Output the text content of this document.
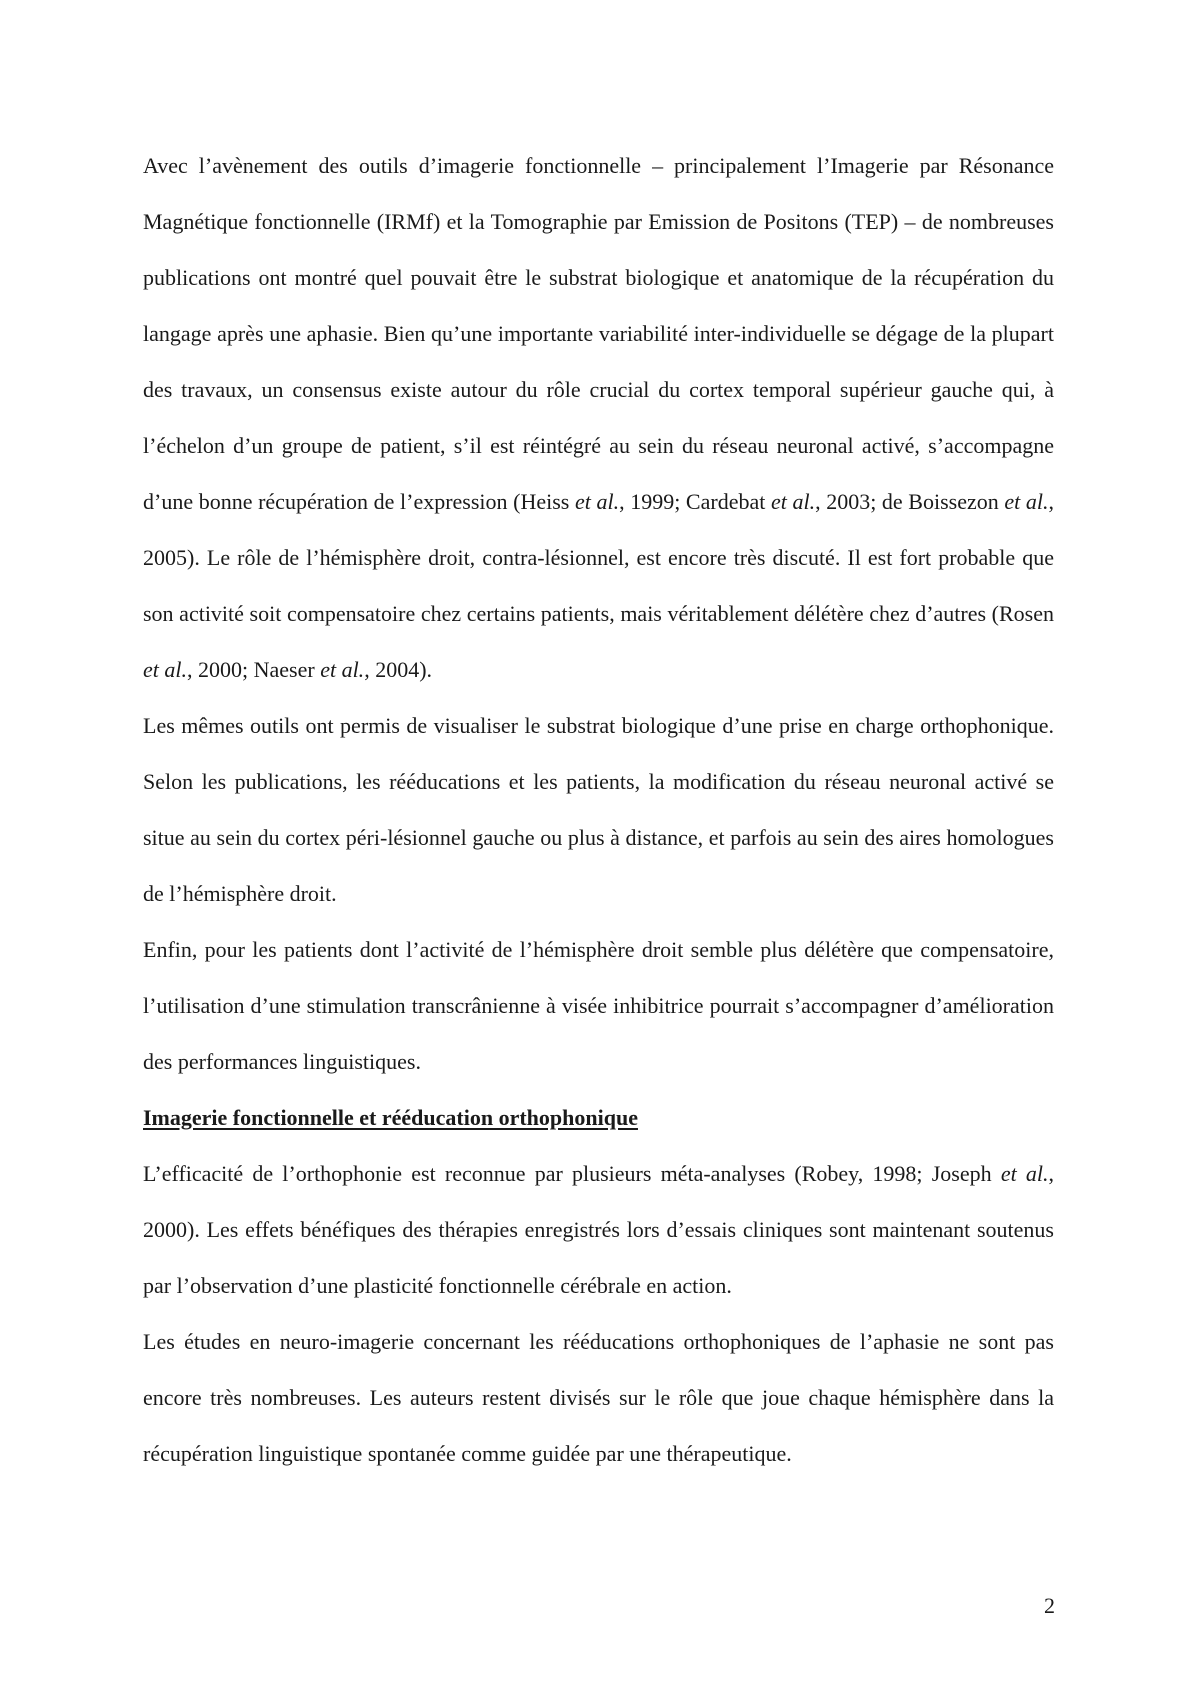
Avec l’avènement des outils d’imagerie fonctionnelle – principalement l’Imagerie par Résonance Magnétique fonctionnelle (IRMf) et la Tomographie par Emission de Positons (TEP) – de nombreuses publications ont montré quel pouvait être le substrat biologique et anatomique de la récupération du langage après une aphasie. Bien qu’une importante variabilité inter-individuelle se dégage de la plupart des travaux, un consensus existe autour du rôle crucial du cortex temporal supérieur gauche qui, à l’échelon d’un groupe de patient, s’il est réintégré au sein du réseau neuronal activé, s’accompagne d’une bonne récupération de l’expression (Heiss et al., 1999; Cardebat et al., 2003; de Boissezon et al., 2005). Le rôle de l’hémisphère droit, contra-lésionnel, est encore très discuté. Il est fort probable que son activité soit compensatoire chez certains patients, mais véritablement délétère chez d’autres (Rosen et al., 2000; Naeser et al., 2004).

Les mêmes outils ont permis de visualiser le substrat biologique d’une prise en charge orthophonique. Selon les publications, les rééducations et les patients, la modification du réseau neuronal activé se situe au sein du cortex péri-lésionnel gauche ou plus à distance, et parfois au sein des aires homologues de l’hémisphère droit.

Enfin, pour les patients dont l’activité de l’hémisphère droit semble plus délétère que compensatoire, l’utilisation d’une stimulation transcrânienne à visée inhibitrice pourrait s’accompagner d’amélioration des performances linguistiques.

Imagerie fonctionnelle et rééducation orthophonique

L’efficacité de l’orthophonie est reconnue par plusieurs méta-analyses (Robey, 1998; Joseph et al., 2000). Les effets bénéfiques des thérapies enregistrés lors d’essais cliniques sont maintenant soutenus par l’observation d’une plasticité fonctionnelle cérébrale en action.

Les études en neuro-imagerie concernant les rééducations orthophoniques de l’aphasie ne sont pas encore très nombreuses. Les auteurs restent divisés sur le rôle que joue chaque hémisphère dans la récupération linguistique spontanée comme guidée par une thérapeutique.

2
